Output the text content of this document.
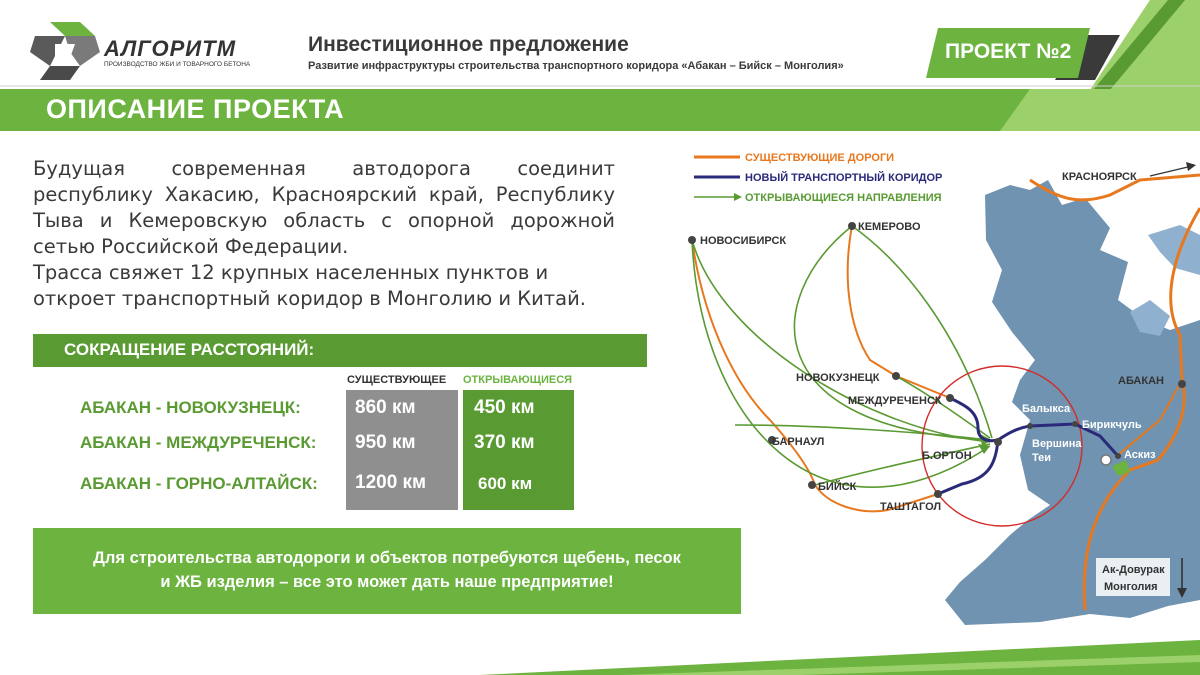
АЛГОРИТМ
ПРОИЗВОДСТВО ЖБИ И ТОВАРНОГО БЕТОНА
Инвестиционное предложение
Развитие инфраструктуры строительства транспортного коридора «Абакан – Бийск – Монголия»
ПРОЕКТ №2
ОПИСАНИЕ ПРОЕКТА

Будущая современная автодорога соединит республику Хакасию, Красноярский край, Республику Тыва и Кемеровскую область с опорной дорожной сетью Российской Федерации.

Трасса свяжет 12 крупных населенных пунктов и откроет транспортный коридор в Монголию и Китай.

СОКРАЩЕНИЕ РАССТОЯНИЙ:
СУЩЕСТВУЮЩЕЕ ОТКРЫВАЮЩИЕСЯ
АБАКАН - НОВОКУЗНЕЦК:	860 км	450 км
АБАКАН - МЕЖДУРЕЧЕНСК: 950 км	370 км
АБАКАН - ГОРНО-АЛТАЙСК: 1200 км	600 км
Для строительства автодороги и объектов потребуются щебень, песок
и ЖБ изделия – все это может дать наше предприятие!
СУЩЕСТВУЮЩИЕ ДОРОГИ
НОВЫЙ ТРАНСПОРТНЫЙ КОРИДОР
ОТКРЫВАЮЩИЕСЯ НАПРАВЛЕНИЯ
КРАСНОЯРСК
НОВОСИБИРСК
КЕМЕРОВО
НОВОКУЗНЕЦК
МЕЖДУРЕЧЕНСК
БАРНАУЛ
БИЙСК
Б.ОРТОН
ТАШТАГОЛ
АБАКАН
Балыкса
Бирикчуль
Вершина
Теи	Аскиз
Ак-Довурак
Монголия
